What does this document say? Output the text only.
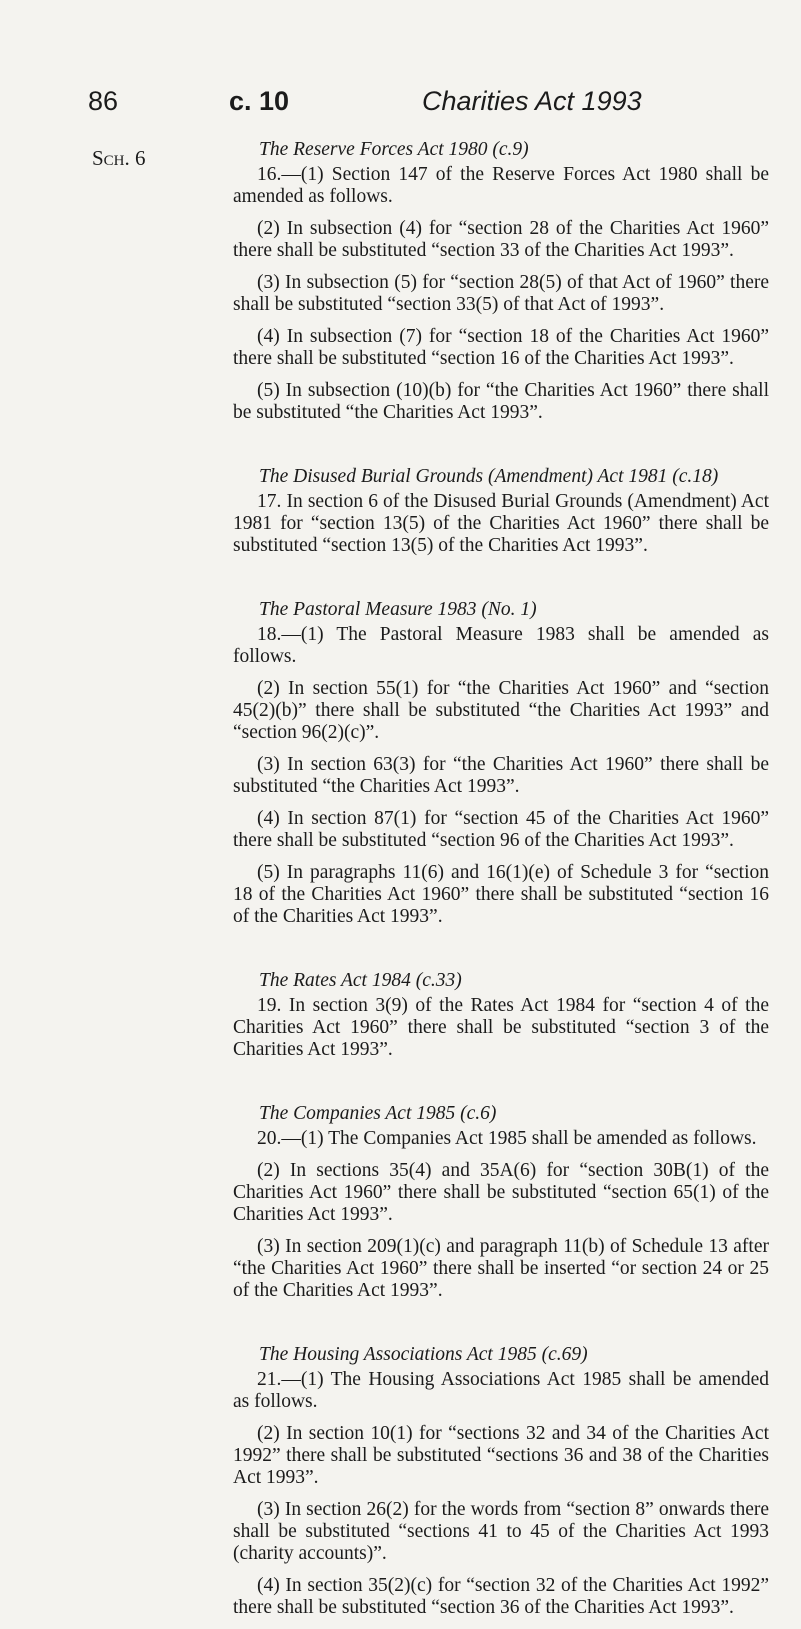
86	c. 10	Charities Act 1993
Sch. 6	The Reserve Forces Act 1980 (c.9)

16.—(1) Section 147 of the Reserve Forces Act 1980 shall be amended as follows.

(2) In subsection (4) for “section 28 of the Charities Act 1960” there shall be substituted “section 33 of the Charities Act 1993”.

(3) In subsection (5) for “section 28(5) of that Act of 1960” there shall be substituted “section 33(5) of that Act of 1993”.

(4) In subsection (7) for “section 18 of the Charities Act 1960” there shall be substituted “section 16 of the Charities Act 1993”.

(5) In subsection (10)(b) for “the Charities Act 1960” there shall be substituted “the Charities Act 1993”.

The Disused Burial Grounds (Amendment) Act 1981 (c.18)

17. In section 6 of the Disused Burial Grounds (Amendment) Act 1981 for “section 13(5) of the Charities Act 1960” there shall be substituted “section 13(5) of the Charities Act 1993”.

The Pastoral Measure 1983 (No. 1)

18.—(1) The Pastoral Measure 1983 shall be amended as follows.

(2) In section 55(1) for “the Charities Act 1960” and “section 45(2)(b)” there shall be substituted “the Charities Act 1993” and “section 96(2)(c)”.

(3) In section 63(3) for “the Charities Act 1960” there shall be substituted “the Charities Act 1993”.

(4) In section 87(1) for “section 45 of the Charities Act 1960” there shall be substituted “section 96 of the Charities Act 1993”.

(5) In paragraphs 11(6) and 16(1)(e) of Schedule 3 for “section 18 of the Charities Act 1960” there shall be substituted “section 16 of the Charities Act 1993”.

The Rates Act 1984 (c.33)

19. In section 3(9) of the Rates Act 1984 for “section 4 of the Charities Act 1960” there shall be substituted “section 3 of the Charities Act 1993”.

The Companies Act 1985 (c.6)

20.—(1) The Companies Act 1985 shall be amended as follows.

(2) In sections 35(4) and 35A(6) for “section 30B(1) of the Charities Act 1960” there shall be substituted “section 65(1) of the Charities Act 1993”.

(3) In section 209(1)(c) and paragraph 11(b) of Schedule 13 after “the Charities Act 1960” there shall be inserted “or section 24 or 25 of the Charities Act 1993”.

The Housing Associations Act 1985 (c.69)

21.—(1) The Housing Associations Act 1985 shall be amended as follows.

(2) In section 10(1) for “sections 32 and 34 of the Charities Act 1992” there shall be substituted “sections 36 and 38 of the Charities Act 1993”.

(3) In section 26(2) for the words from “section 8” onwards there shall be substituted “sections 41 to 45 of the Charities Act 1993 (charity accounts)”.

(4) In section 35(2)(c) for “section 32 of the Charities Act 1992” there shall be substituted “section 36 of the Charities Act 1993”.
